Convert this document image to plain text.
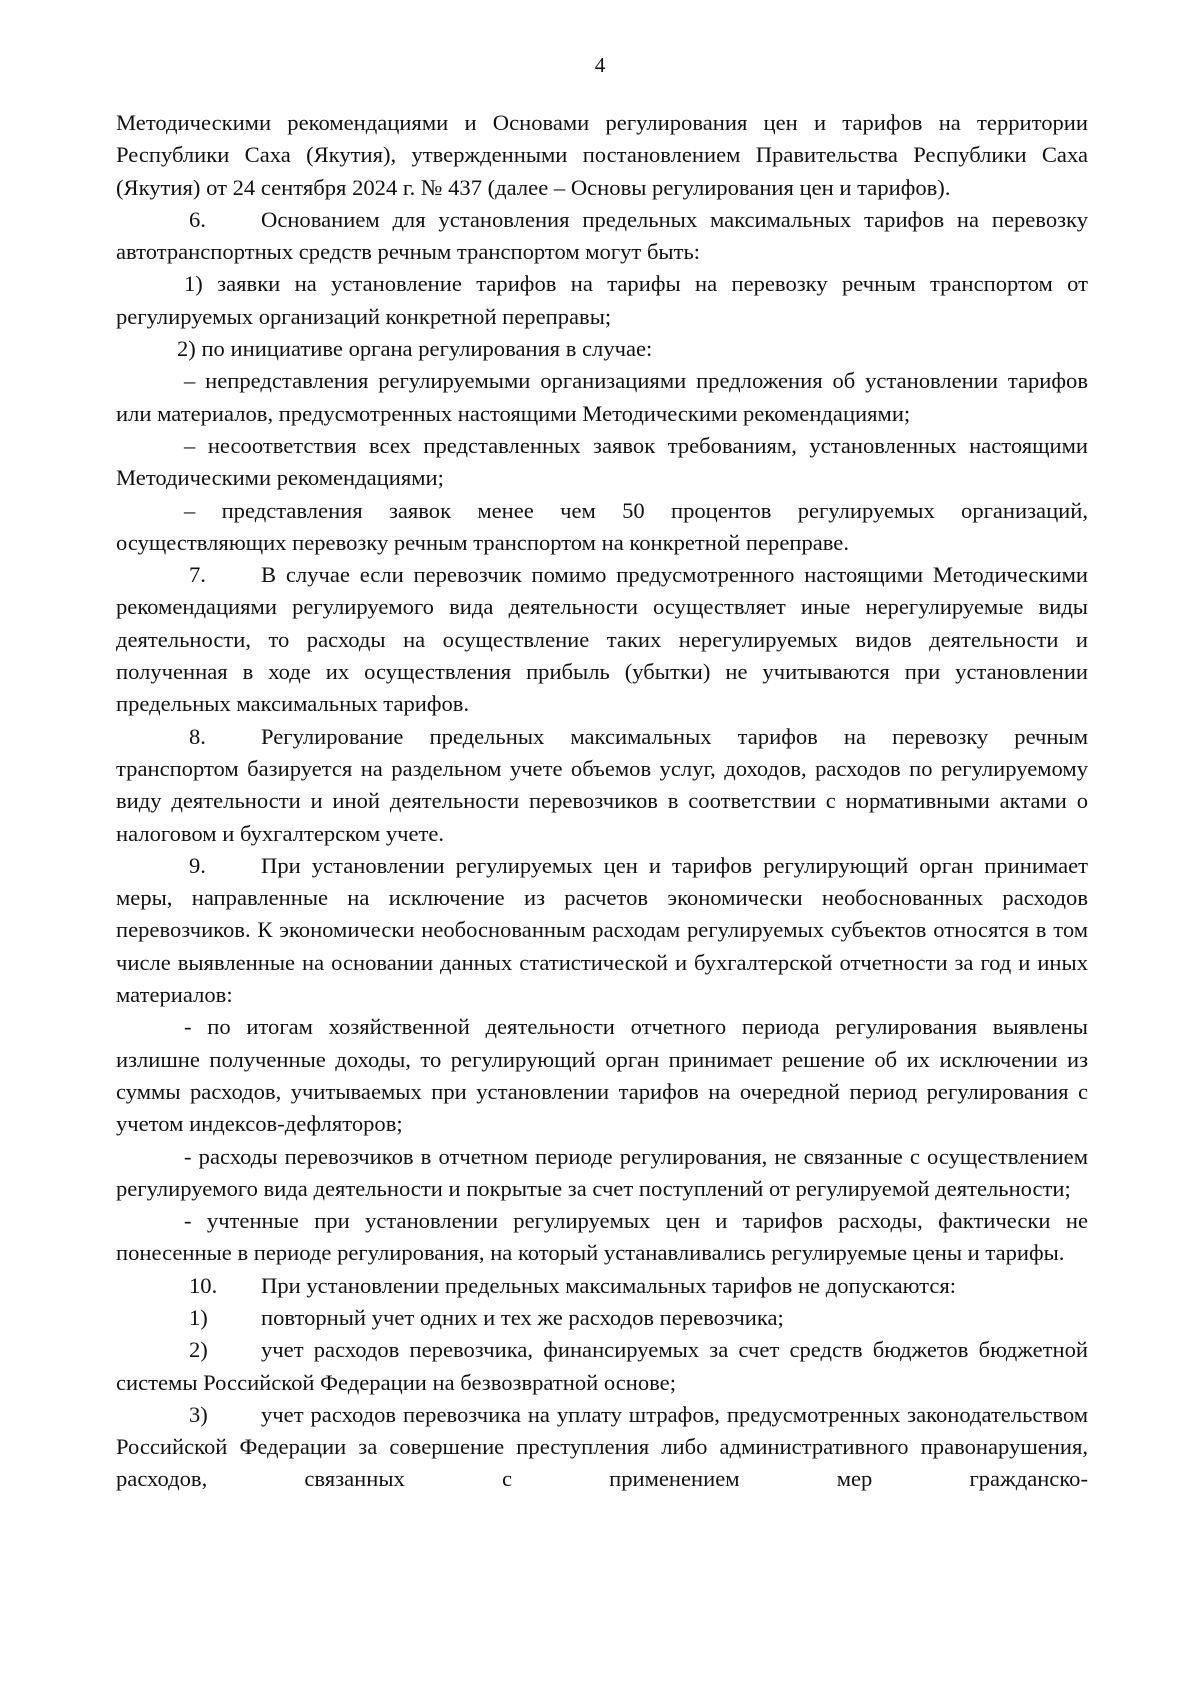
4

Методическими рекомендациями и Основами регулирования цен и тарифов на территории Республики Саха (Якутия), утвержденными постановлением Правительства Республики Саха (Якутия) от 24 сентября 2024 г. № 437 (далее – Основы регулирования цен и тарифов).

6. Основанием для установления предельных максимальных тарифов на перевозку автотранспортных средств речным транспортом могут быть:

1) заявки на установление тарифов на тарифы на перевозку речным транспортом от регулируемых организаций конкретной переправы;

2) по инициативе органа регулирования в случае:

– непредставления регулируемыми организациями предложения об установлении тарифов или материалов, предусмотренных настоящими Методическими рекомендациями;

– несоответствия всех представленных заявок требованиям, установленных настоящими Методическими рекомендациями;

– представления заявок менее чем 50 процентов регулируемых организаций, осуществляющих перевозку речным транспортом на конкретной переправе.

7. В случае если перевозчик помимо предусмотренного настоящими Методическими рекомендациями регулируемого вида деятельности осуществляет иные нерегулируемые виды деятельности, то расходы на осуществление таких нерегулируемых видов деятельности и полученная в ходе их осуществления прибыль (убытки) не учитываются при установлении предельных максимальных тарифов.

8. Регулирование предельных максимальных тарифов на перевозку речным транспортом базируется на раздельном учете объемов услуг, доходов, расходов по регулируемому виду деятельности и иной деятельности перевозчиков в соответствии с нормативными актами о налоговом и бухгалтерском учете.

9. При установлении регулируемых цен и тарифов регулирующий орган принимает меры, направленные на исключение из расчетов экономически необоснованных расходов перевозчиков. К экономически необоснованным расходам регулируемых субъектов относятся в том числе выявленные на основании данных статистической и бухгалтерской отчетности за год и иных материалов:

- по итогам хозяйственной деятельности отчетного периода регулирования выявлены излишне полученные доходы, то регулирующий орган принимает решение об их исключении из суммы расходов, учитываемых при установлении тарифов на очередной период регулирования с учетом индексов-дефляторов;

- расходы перевозчиков в отчетном периоде регулирования, не связанные с осуществлением регулируемого вида деятельности и покрытые за счет поступлений от регулируемой деятельности;

- учтенные при установлении регулируемых цен и тарифов расходы, фактически не понесенные в периоде регулирования, на который устанавливались регулируемые цены и тарифы.

10. При установлении предельных максимальных тарифов не допускаются:

1) повторный учет одних и тех же расходов перевозчика;

2) учет расходов перевозчика, финансируемых за счет средств бюджетов бюджетной системы Российской Федерации на безвозвратной основе;

3) учет расходов перевозчика на уплату штрафов, предусмотренных законодательством Российской Федерации за совершение преступления либо административного правонарушения, расходов, связанных с применением мер гражданско-
